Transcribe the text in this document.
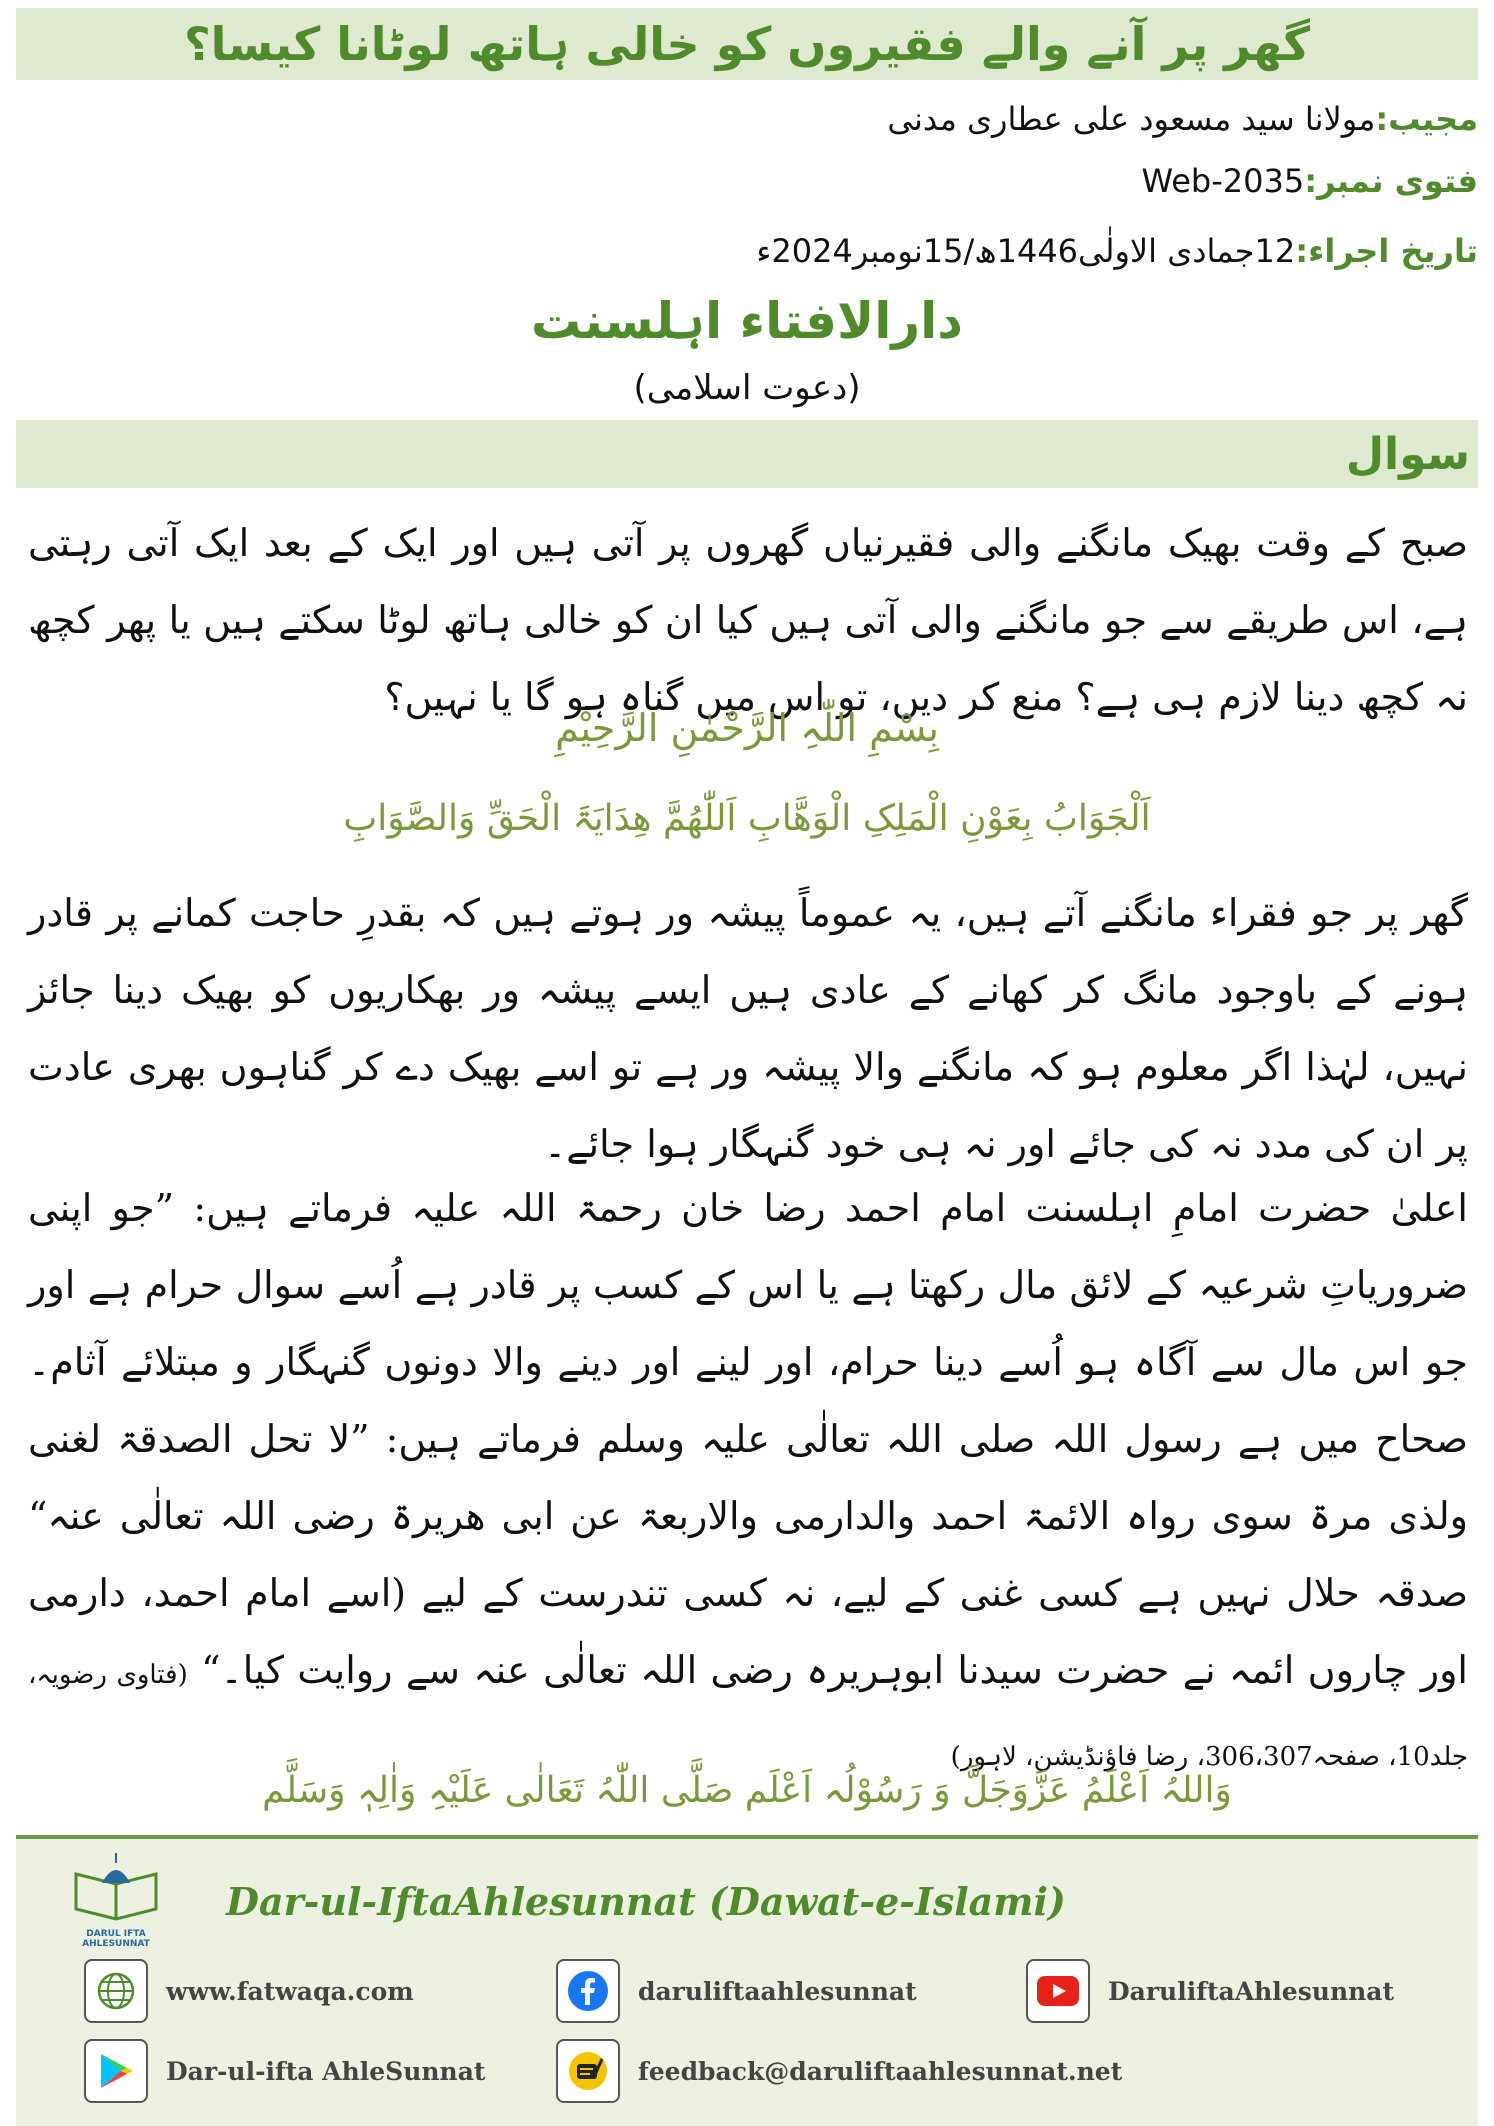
گھر پر آنے والے فقیروں کو خالی ہاتھ لوٹانا کیسا؟
مجیب:مولانا سید مسعود علی عطاری مدنی
فتوی نمبر:Web-2035
تاریخ اجراء:12جمادی الاولٰی1446ھ/15نومبر2024ء
دارالافتاء اہلسنت
(دعوت اسلامی)
سوال
صبح کے وقت بھیک مانگنے والی فقیرنیاں گھروں پر آتی ہیں اور ایک کے بعد ایک آتی رہتی ہے، اس طریقے سے جو مانگنے والی آتی ہیں کیا ان کو خالی ہاتھ لوٹا سکتے ہیں یا پھر کچھ نہ کچھ دینا لازم ہی ہے؟ منع کر دیں، تو اس میں گناہ ہو گا یا نہیں؟
بِسْمِ اللّٰہِ الرَّحْمٰنِ الرَّحِیْمِ
اَلْجَوَابُ بِعَوْنِ الْمَلِکِ الْوَھَّابِ اَللّٰھُمَّ ھِدَایَۃَ الْحَقِّ وَالصَّوَابِ
گھر پر جو فقراء مانگنے آتے ہیں، یہ عموماً پیشہ ور ہوتے ہیں کہ بقدرِ حاجت کمانے پر قادر ہونے کے باوجود مانگ کر کھانے کے عادی ہیں ایسے پیشہ ور بھکاریوں کو بھیک دینا جائز نہیں، لہٰذا اگر معلوم ہو کہ مانگنے والا پیشہ ور ہے تو اسے بھیک دے کر گناہوں بھری عادت پر ان کی مدد نہ کی جائے اور نہ ہی خود گنہگار ہوا جائے۔
اعلیٰ حضرت امامِ اہلسنت امام احمد رضا خان رحمۃ اللہ علیہ فرماتے ہیں: ”جو اپنی ضروریاتِ شرعیہ کے لائق مال رکھتا ہے یا اس کے کسب پر قادر ہے اُسے سوال حرام ہے اور جو اس مال سے آگاہ ہو اُسے دینا حرام، اور لینے اور دینے والا دونوں گنہگار و مبتلائے آثام۔ صحاح میں ہے رسول اللہ صلی اللہ تعالٰی علیہ وسلم فرماتے ہیں: ”لا تحل الصدقۃ لغنی ولذی مرۃ سوی رواہ الائمۃ احمد والدارمی والاربعۃ عن ابی ھریرۃ رضی اللہ تعالٰی عنہ“ صدقہ حلال نہیں ہے کسی غنی کے لیے، نہ کسی تندرست کے لیے (اسے امام احمد، دارمی اور چاروں ائمہ نے حضرت سیدنا ابوہریرہ رضی اللہ تعالٰی عنہ سے روایت کیا۔“ (فتاوی رضویہ، جلد10، صفحہ306،307، رضا فاؤنڈیشن، لاہور)
وَاللہُ اَعْلَمُ عَزَّوَجَلَّ وَ رَسُوْلُہ اَعْلَم صَلَّی اللّٰہُ تَعَالٰی عَلَیْہِ وَاٰلِہٖ وَسَلَّم
DARUL IFTA AHLESUNNAT
Dar-ul-IftaAhlesunnat (Dawat-e-Islami)
www.fatwaqa.com	daruliftaahlesunnat	DaruliftaAhlesunnat
Dar-ul-ifta AhleSunnat	feedback@daruliftaahlesunnat.net
